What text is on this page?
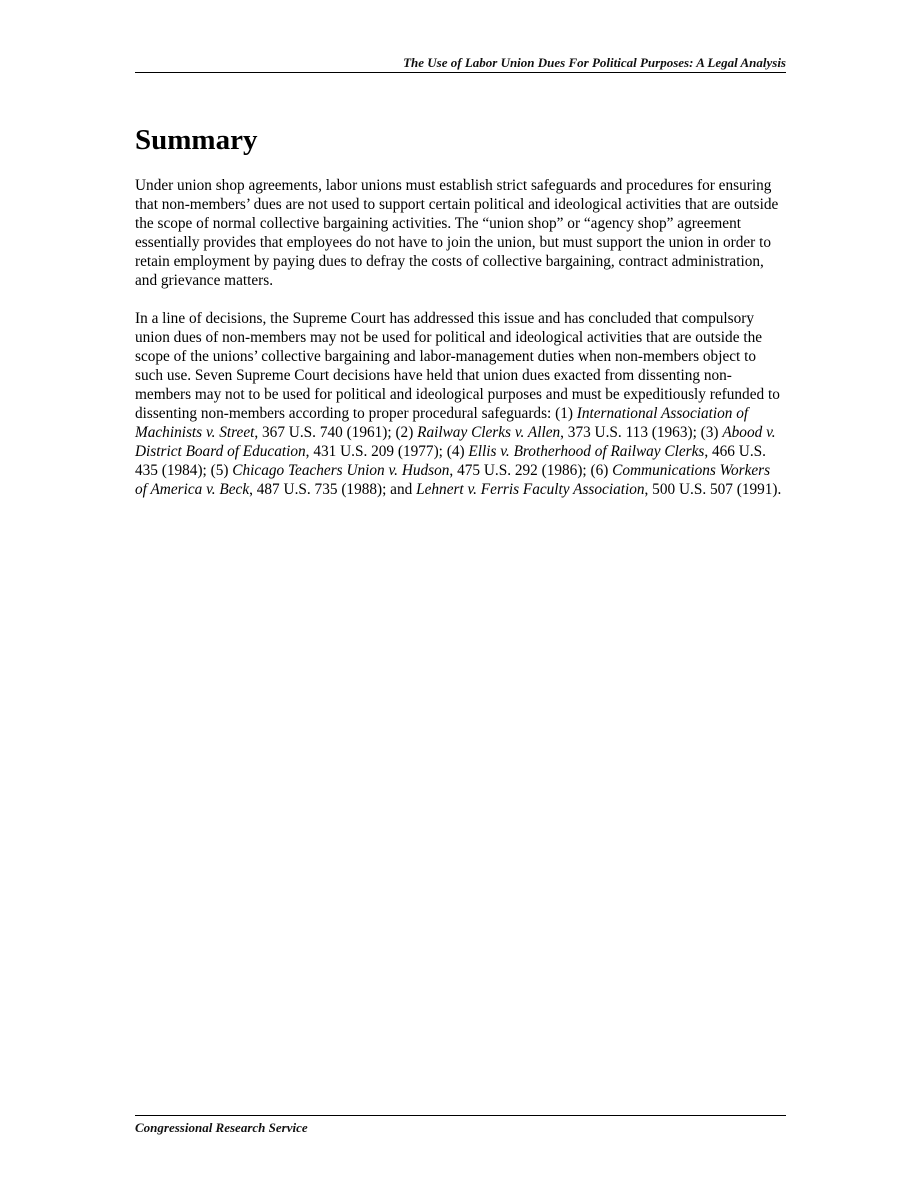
The Use of Labor Union Dues For Political Purposes: A Legal Analysis
Summary

Under union shop agreements, labor unions must establish strict safeguards and procedures for ensuring that non-members’ dues are not used to support certain political and ideological activities that are outside the scope of normal collective bargaining activities. The “union shop” or “agency shop” agreement essentially provides that employees do not have to join the union, but must support the union in order to retain employment by paying dues to defray the costs of collective bargaining, contract administration, and grievance matters.

In a line of decisions, the Supreme Court has addressed this issue and has concluded that compulsory union dues of non-members may not be used for political and ideological activities that are outside the scope of the unions’ collective bargaining and labor-management duties when non-members object to such use. Seven Supreme Court decisions have held that union dues exacted from dissenting non-members may not to be used for political and ideological purposes and must be expeditiously refunded to dissenting non-members according to proper procedural safeguards: (1) International Association of Machinists v. Street, 367 U.S. 740 (1961); (2) Railway Clerks v. Allen, 373 U.S. 113 (1963); (3) Abood v. District Board of Education, 431 U.S. 209 (1977); (4) Ellis v. Brotherhood of Railway Clerks, 466 U.S. 435 (1984); (5) Chicago Teachers Union v. Hudson, 475 U.S. 292 (1986); (6) Communications Workers of America v. Beck, 487 U.S. 735 (1988); and Lehnert v. Ferris Faculty Association, 500 U.S. 507 (1991).

Congressional Research Service
